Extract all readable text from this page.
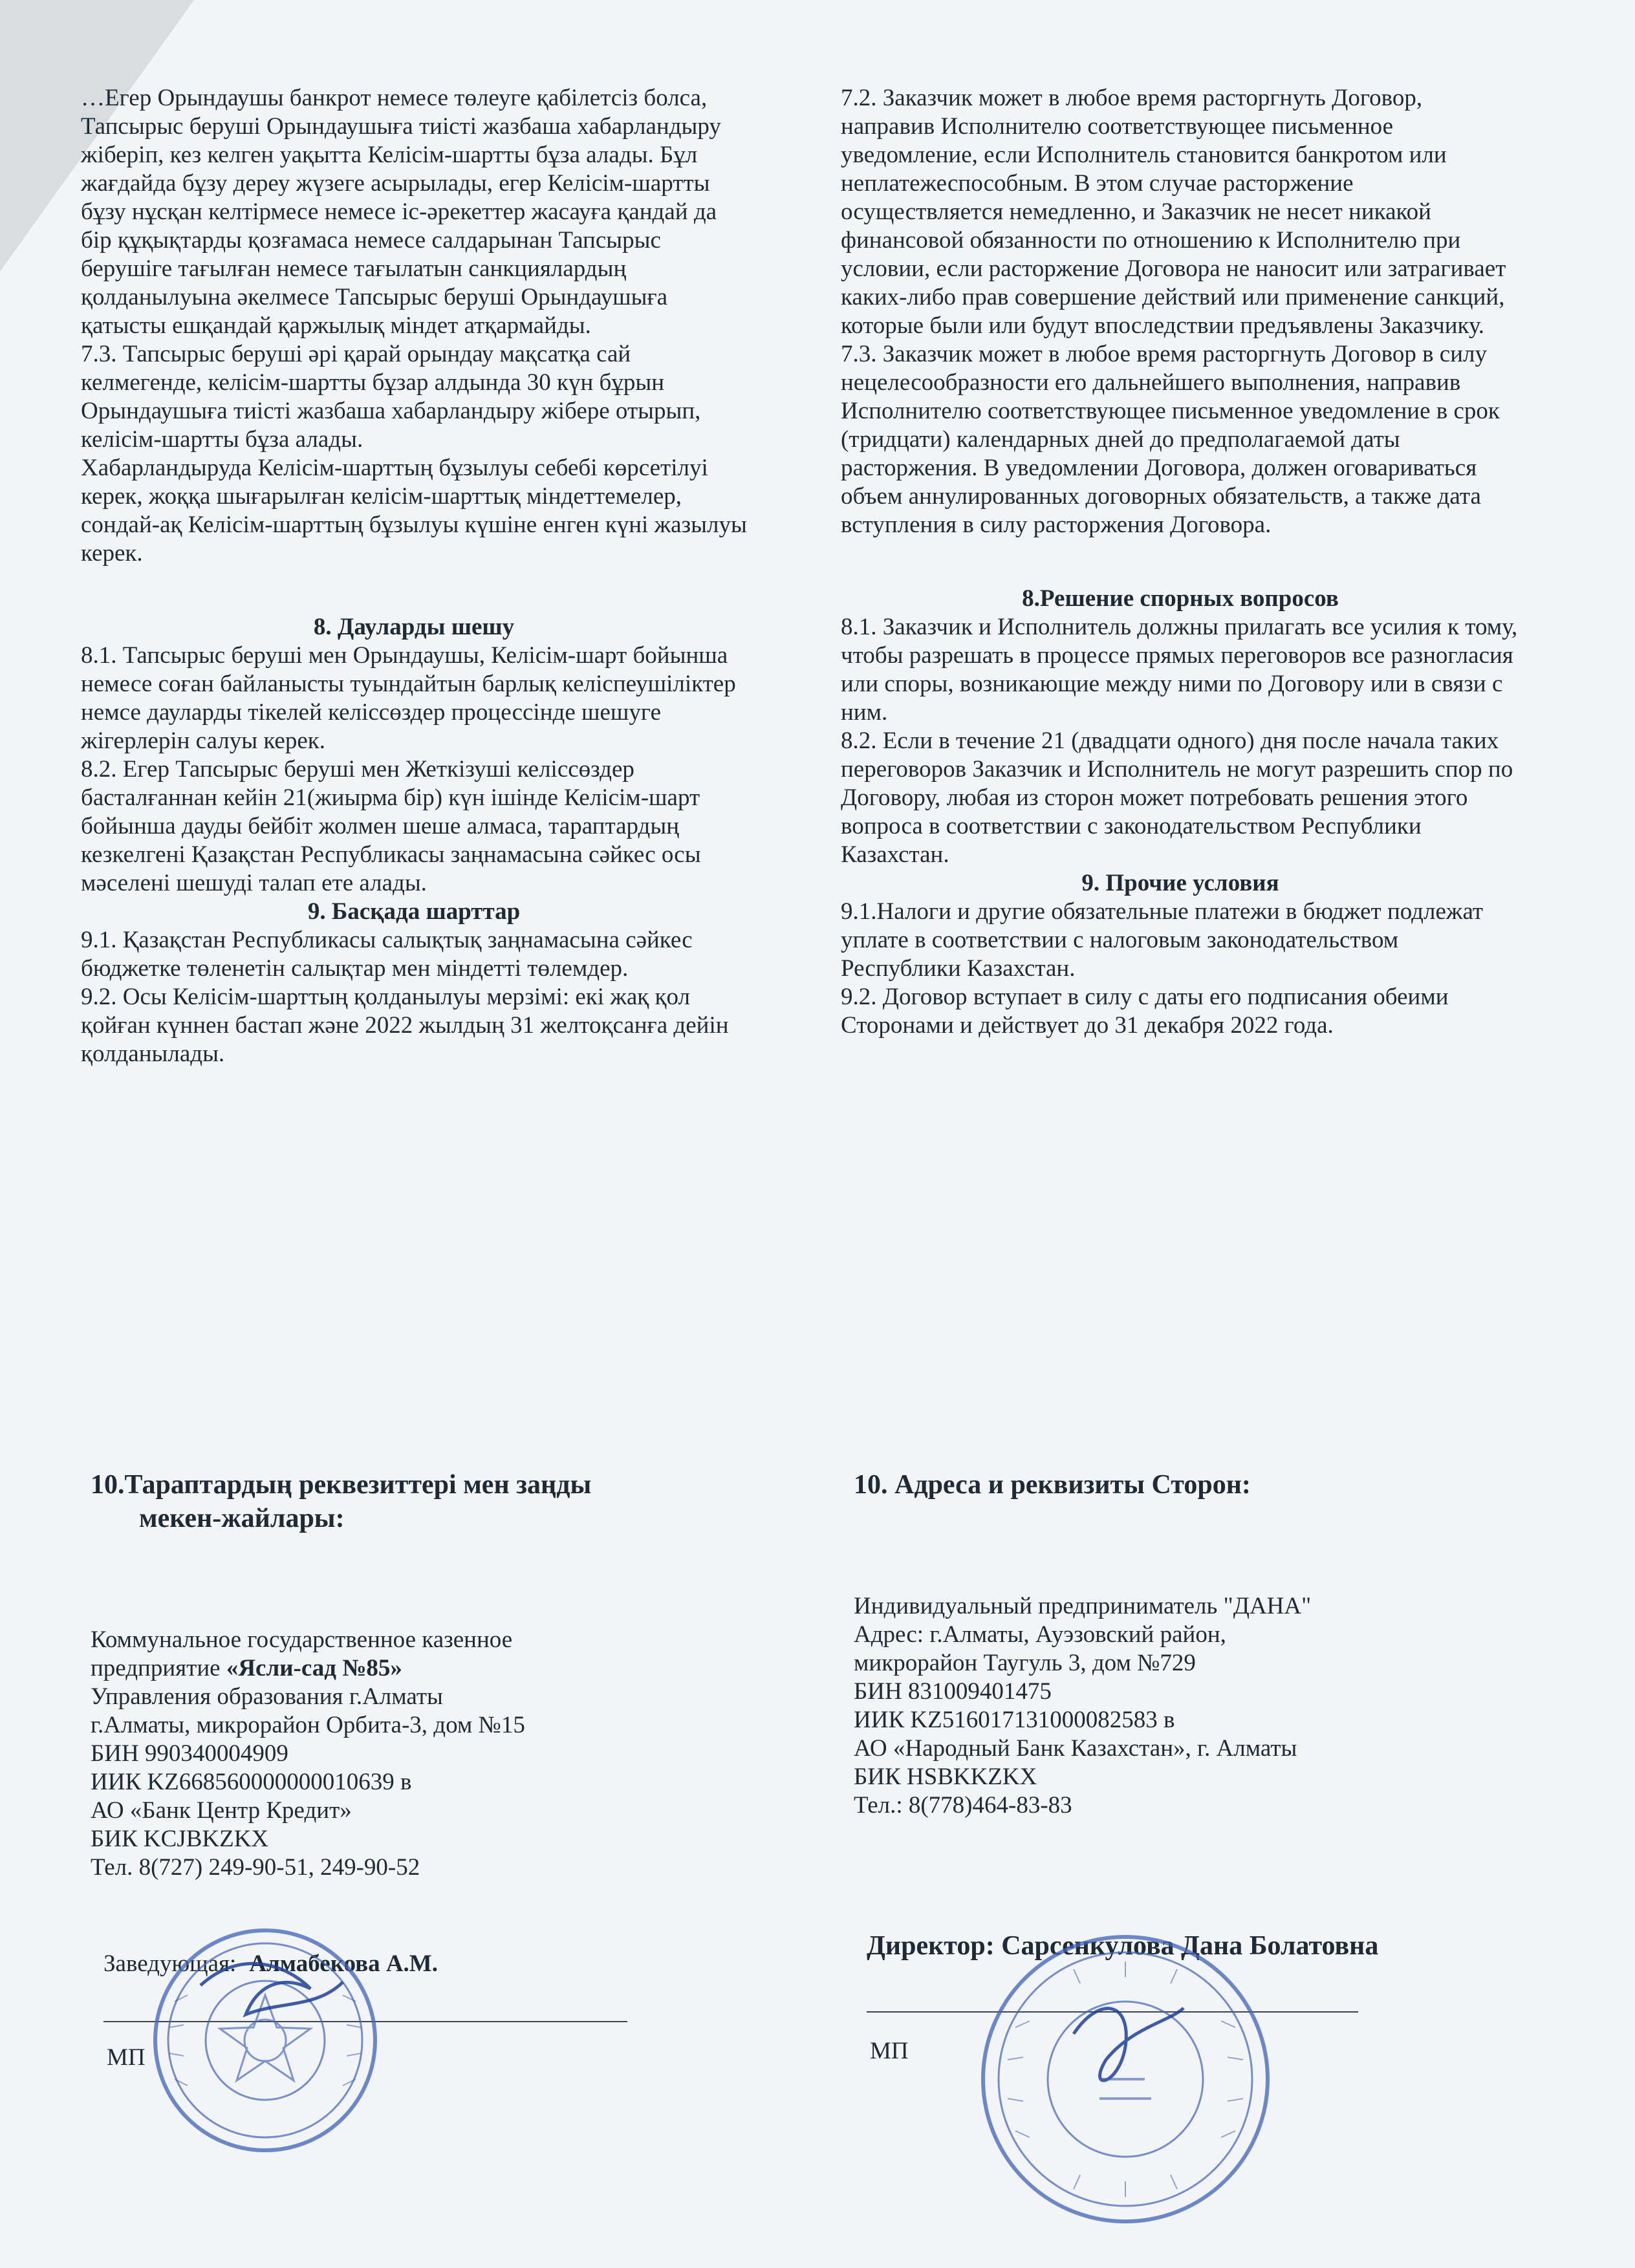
…Егер Орындаушы банкрот немесе төлеуге қабілетсіз болса, Тапсырыс беруші Орындаушыға тиісті жазбаша хабарландыру жіберіп, кез келген уақытта Келісім-шартты бұза алады. Бұл жағдайда бұзу дереу жүзеге асырылады, егер Келісім-шартты бұзу нұсқан келтірмесе немесе іс-әрекеттер жасауға қандай да бір құқықтарды қозғамаса немесе салдарынан Тапсырыс берушіге тағылған немесе тағылатын санкциялардың қолданылуына әкелмесе Тапсырыс беруші Орындаушыға қатысты ешқандай қаржылық міндет атқармайды.

7.3. Тапсырыс беруші әрі қарай орындау мақсатқа сай келмегенде, келісім-шартты бұзар алдында 30 күн бұрын Орындаушыға тиісті жазбаша хабарландыру жібере отырып, келісім-шартты бұза алады.

Хабарландыруда Келісім-шарттың бұзылуы себебі көрсетілуі керек, жоққа шығарылған келісім-шарттық міндеттемелер, сондай-ақ Келісім-шарттың бұзылуы күшіне енген күні жазылуы керек.

8. Дауларды шешу

8.1. Тапсырыс беруші мен Орындаушы, Келісім-шарт бойынша немесе соған байланысты туындайтын барлық келіспеушіліктер немсе дауларды тікелей келіссөздер процессінде шешуге жігерлерін салуы керек.

8.2. Егер Тапсырыс беруші мен Жеткізуші келіссөздер басталғаннан кейін 21(жиырма бір) күн ішінде Келісім-шарт бойынша дауды бейбіт жолмен шеше алмаса, тараптардың кезкелгені Қазақстан Республикасы заңнамасына сәйкес осы мәселені шешуді талап ете алады.

9. Басқада шарттар

9.1. Қазақстан Республикасы салықтық заңнамасына сәйкес бюджетке төленетін салықтар мен міндетті төлемдер.

9.2. Осы Келісім-шарттың қолданылуы мерзімі: екі жақ қол қойған күннен бастап және 2022 жылдың 31 желтоқсанға дейін қолданылады.

7.2. Заказчик может в любое время расторгнуть Договор, направив Исполнителю соответствующее письменное уведомление, если Исполнитель становится банкротом или неплатежеспособным. В этом случае расторжение осуществляется немедленно, и Заказчик не несет никакой финансовой обязанности по отношению к Исполнителю при условии, если расторжение Договора не наносит или затрагивает каких-либо прав совершение действий или применение санкций, которые были или будут впоследствии предъявлены Заказчику.

7.3. Заказчик может в любое время расторгнуть Договор в силу нецелесообразности его дальнейшего выполнения, направив Исполнителю соответствующее письменное уведомление в срок (тридцати) календарных дней до предполагаемой даты расторжения. В уведомлении Договора, должен оговариваться объем аннулированных договорных обязательств, а также дата вступления в силу расторжения Договора.

8.Решение спорных вопросов

8.1. Заказчик и Исполнитель должны прилагать все усилия к тому, чтобы разрешать в процессе прямых переговоров все разногласия или споры, возникающие между ними по Договору или в связи с ним.

8.2. Если в течение 21 (двадцати одного) дня после начала таких переговоров Заказчик и Исполнитель не могут разрешить спор по Договору, любая из сторон может потребовать решения этого вопроса в соответствии с законодательством Республики Казахстан.

9. Прочие условия

9.1.Налоги и другие обязательные платежи в бюджет подлежат уплате в соответствии с налоговым законодательством Республики Казахстан.

9.2. Договор вступает в силу с даты его подписания обеими Сторонами и действует до 31 декабря 2022 года.

10.Тараптардың реквезиттері мен заңды
мекен-жайлары:

Коммунальное государственное казенное

предприятие «Ясли-сад №85»

Управления образования г.Алматы

г.Алматы, микрорайон Орбита-3, дом №15

БИН 990340004909

ИИК KZ668560000000010639 в

АО «Банк Центр Кредит»

БИК KCJBKZKX

Тел. 8(727) 249-90-51, 249-90-52

Заведующая: Алмабекова А.М.
МП
10. Адреса и реквизиты Сторон:

Индивидуальный предприниматель "ДАНА"

Адрес: г.Алматы, Ауэзовский район,

микрорайон Таугуль 3, дом №729

БИН 831009401475

ИИК KZ516017131000082583 в

АО «Народный Банк Казахстан», г. Алматы

БИК HSBKKZKX

Тел.: 8(778)464-83-83

Директор: Сарсенкулова Дана Болатовна
МП
